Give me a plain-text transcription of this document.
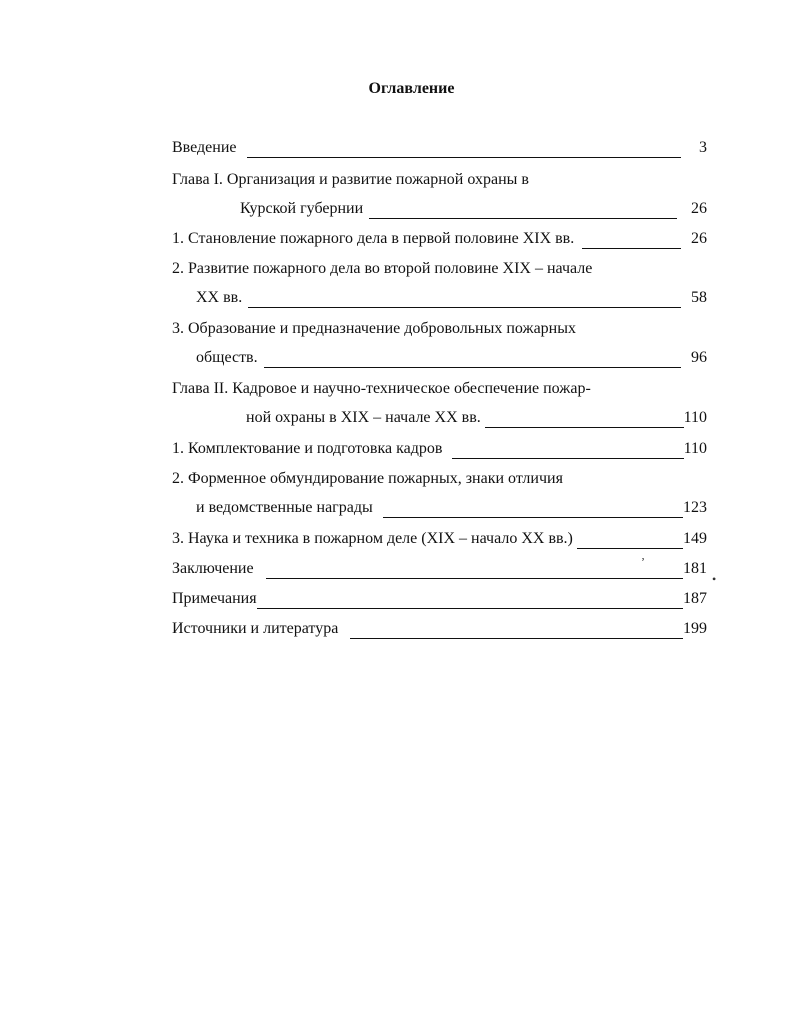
Оглавление
Введение	3
Глава I. Организация и развитие пожарной охраны в
Курской губернии	26
1. Становление пожарного дела в первой половине XIX вв.	26
2. Развитие пожарного дела во второй половине XIX – начале
XX вв.	58
3. Образование и предназначение добровольных пожарных
обществ.	96
Глава II. Кадровое и научно-техническое обеспечение пожар-
ной охраны в XIX – начале XX вв.	110
1. Комплектование и подготовка кадров	110
2. Форменное обмундирование пожарных, знаки отличия
и ведомственные награды	123
3. Наука и техника в пожарном деле (XIX – начало XX вв.)	149
Заключение	181
Примечания	187
Источники и литература	199
ʼ
•
